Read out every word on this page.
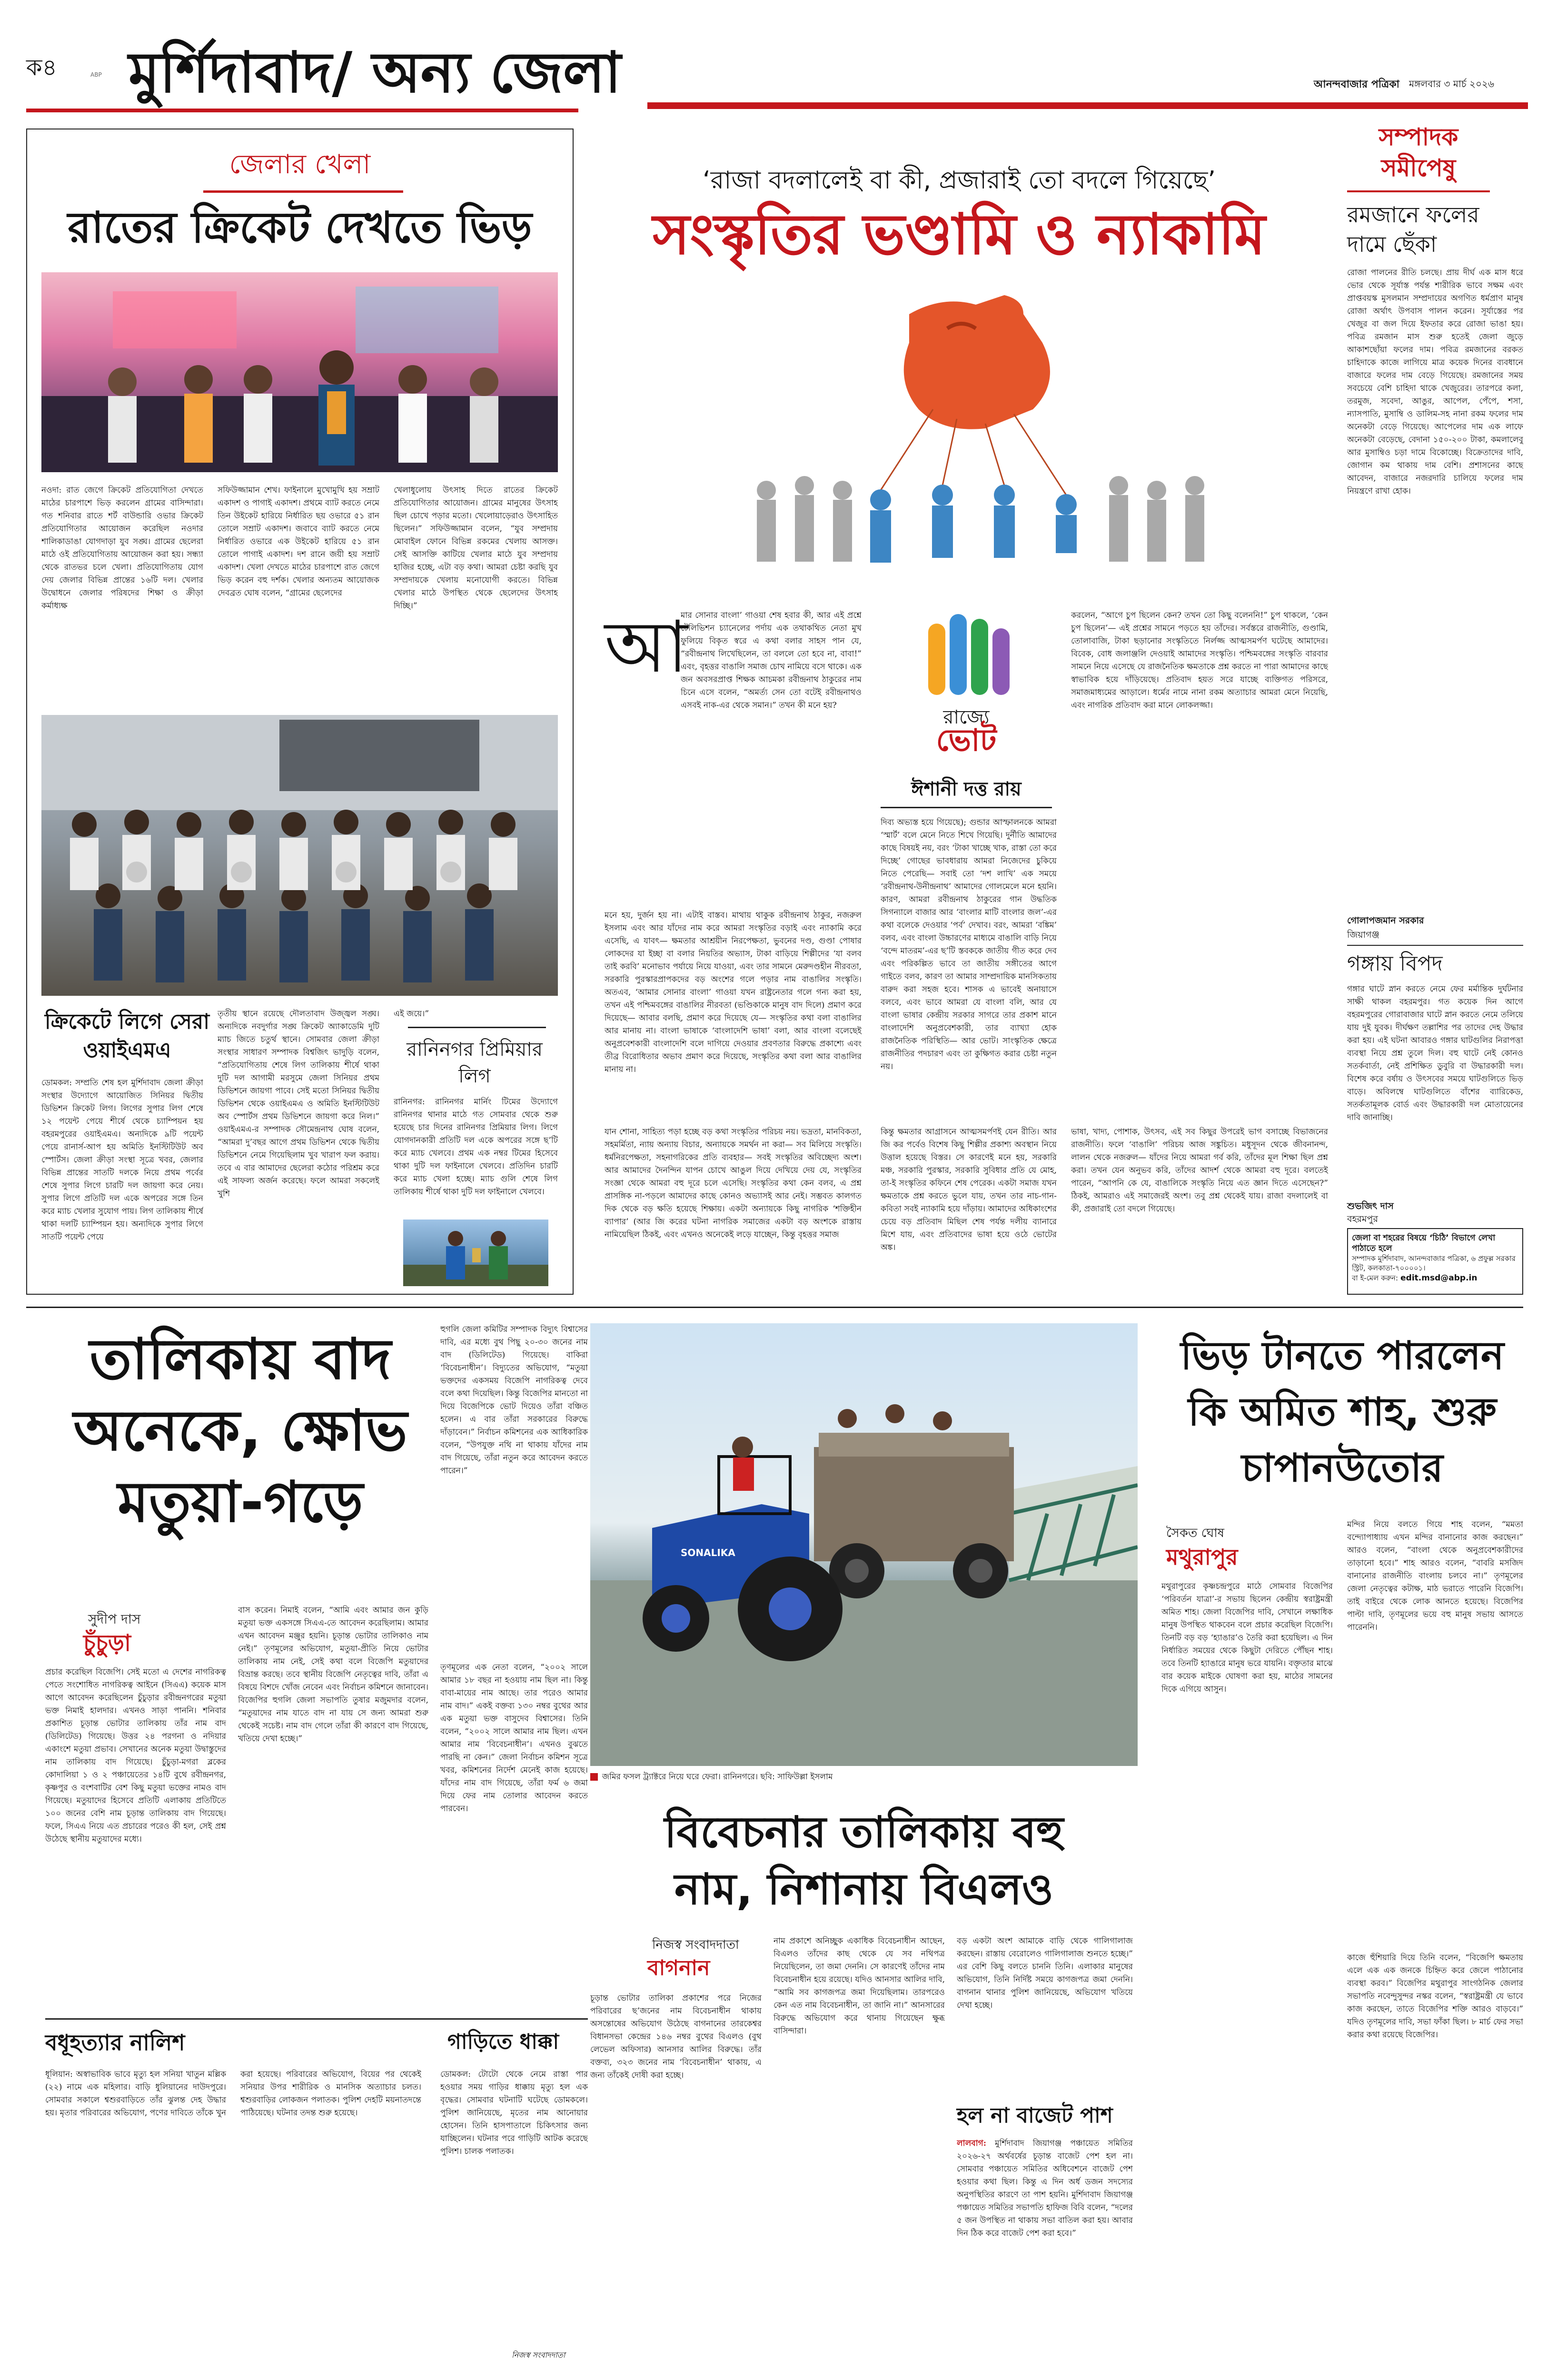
ক৪	ABP মুর্শিদাবাদ/ অন্য জেলা	আনন্দবাজার পত্রিকা মঙ্গলবার ৩ মার্চ ২০২৬
জেলার খেলা
রাতের ক্রিকেট দেখতে ভিড়
নওদা: রাত জেগে ক্রিকেট প্রতিযোগিতা দেখতে মাঠের চারপাশে ভিড় করলেন গ্রামের বাসিন্দারা। গত শনিবার রাতে শর্ট বাউন্ডারি ওভার ক্রিকেট প্রতিযোগিতার আয়োজন করেছিল নওদার শালিকাডাঙা যোগদাড়া যুব সঙ্ঘ। গ্রামের ছেলেরা মাঠে ওই প্রতিযোগিতায় আয়োজন করা হয়। সন্ধ্যা থেকে রাতভর চলে খেলা। প্রতিযোগিতায় যোগ দেয় জেলার বিভিন্ন প্রান্তের ১৬টি দল। খেলার উদ্বোধনে জেলার পরিষদের শিক্ষা ও ক্রীড়া কর্মাধ্যক্ষ
সফিউজ্জামান শেখ। ফাইনালে মুখোমুখি হয় সম্রাট একাদশ ও পাগাই একাদশ। প্রথমে ব্যাট করতে নেমে তিন উইকেট হারিয়ে নির্ধারিত ছয় ওভারে ৫১ রান তোলে সম্রাট একাদশ। জবাবে ব্যাট করতে নেমে নির্ধারিত ওভারে এক উইকেট হারিয়ে ৫১ রান তোলে পাগাই একাদশ। দশ রানে জয়ী হয় সম্রাট একাদশ। খেলা দেখতে মাঠের চারপাশে রাত জেগে ভিড় করেন বহু দর্শক। খেলার অন্যতম আয়োজক দেবব্রত ঘোষ বলেন, “গ্রামের ছেলেদের
খেলাধুলোয় উৎসাহ দিতে রাতের ক্রিকেট প্রতিযোগিতার আয়োজন। গ্রামের মানুষের উৎসাহ ছিল চোখে পড়ার মতো। খেলোয়াড়েরাও উৎসাহিত ছিলেন।” সফিউজ্জামান বলেন, “যুব সম্প্রদায় মোবাইল ফোনে বিভিন্ন রকমের খেলায় আসক্ত। সেই আসক্তি কাটিয়ে খেলার মাঠে যুব সম্প্রদায় হাজির হচ্ছে, এটা বড় কথা। আমরা চেষ্টা করছি যুব সম্প্রদায়কে খেলায় মনোযোগী করতে। বিভিন্ন খেলার মাঠে উপস্থিত থেকে ছেলেদের উৎসাহ দিচ্ছি।”
ক্রিকেটে লিগে সেরা ওয়াইএমএ
ডোমকল: সম্প্রতি শেষ হল মুর্শিদাবাদ জেলা ক্রীড়া সংস্থার উদ্যোগে আয়োজিত সিনিয়র দ্বিতীয় ডিভিশন ক্রিকেট লিগ। লিগের সুপার লিগ শেষে ১২ পয়েন্ট পেয়ে শীর্ষে থেকে চ্যাম্পিয়ন হয় বহরমপুরের ওয়াইএমএ। অন্যদিকে ৯টি পয়েন্ট পেয়ে রানার্স-আপ হয় অমিতি ইনস্টিটিউট অব স্পোর্টস। জেলা ক্রীড়া সংস্থা সূত্রে খবর, জেলার বিভিন্ন প্রান্তের সাতটি দলকে নিয়ে প্রথম পর্বের শেষে সুপার লিগে চারটি দল জায়গা করে নেয়। সুপার লিগে প্রতিটি দল একে অপরের সঙ্গে তিন করে ম্যাচ খেলার সুযোগ পায়। লিগ তালিকায় শীর্ষে থাকা দলটি চ্যাম্পিয়ন হয়। অন্যদিকে সুপার লিগে সাতটি পয়েন্ট পেয়ে
তৃতীয় স্থানে রয়েছে দৌলতাবাদ উজ্জ্বল সঙ্ঘ। অন্যদিকে নবদুর্গার সঙ্ঘ ক্রিকেট অ্যাকাডেমি দুটি ম্যাচ জিতে চতুর্থ স্থানে। সোমবার জেলা ক্রীড়া সংস্থার সাধারণ সম্পাদক বিশ্বজিৎ ভাদুড়ি বলেন, “প্রতিযোগিতায় শেষে লিগ তালিকায় শীর্ষে থাকা দুটি দল আগামী মরসুমে জেলা সিনিয়র প্রথম ডিভিশনে জায়গা পাবে। সেই মতো সিনিয়র দ্বিতীয় ডিভিশন থেকে ওয়াইএমএ ও অমিতি ইনস্টিটিউট অব স্পোর্টস প্রথম ডিভিশনে জায়গা করে নিল।” ওয়াইএমএ-র সম্পাদক সৌমেন্দ্রনাথ ঘোষ বলেন, “আমরা দু’বছর আগে প্রথম ডিভিশন থেকে দ্বিতীয় ডিভিশনে নেমে গিয়েছিলাম খুব খারাপ ফল করায়। তবে এ বার আমাদের ছেলেরা কঠোর পরিশ্রম করে এই সাফল্য অর্জন করেছে। ফলে আমরা সকলেই খুশি
এই জয়ে।”
রানিনগর প্রিমিয়ার লিগ
রানিনগর: রানিনগর মার্নিং টিমের উদ্যোগে রানিনগর থানার মাঠে গত সোমবার থেকে শুরু হয়েছে চার দিনের রানিনগর প্রিমিয়ার লিগ। লিগে যোগদানকারী প্রতিটি দল একে অপরের সঙ্গে ছ’টি করে ম্যাচ খেলবে। প্রথম এক নম্বর টিমের হিসেবে থাকা দুটি দল ফাইনালে খেলবে। প্রতিদিন চারটি করে ম্যাচ খেলা হচ্ছে। ম্যাচ গুলি শেষে লিগ তালিকায় শীর্ষে থাকা দুটি দল ফাইনালে খেলবে।
‘রাজা বদলালেই বা কী, প্রজারাই তো বদলে গিয়েছে’
সংস্কৃতির ভণ্ডামি ও ন্যাকামি
আ
মার সোনার বাংলা’ গাওয়া শেষ হবার কী, আর এই প্রশ্নে টেলিভিশন চ্যানেলের পর্দায় এক তথাকথিত নেতা মুখ ফুলিয়ে বিকৃত স্বরে এ কথা বলার সাহস পান যে, “রবীন্দ্রনাথ লিখেছিলেন, তা বললে তো হবে না, বাবা!” এবং, বৃহত্তর বাঙালি সমাজ চোখ নামিয়ে বসে থাকে। এক জন অবসরপ্রাপ্ত শিক্ষক আচমকা রবীন্দ্রনাথ ঠাকুরের নাম চিনে এসে বলেন, “অমর্ত্য সেন তো বটেই রবীন্দ্রনাথও এসবই নাক-এর থেকে সমান।” তখন কী মনে হয়?
রাজ্যে
ভোট
ঈশানী দত্ত রায়
মনে হয়, দুর্জন হয় না। এটাই বাস্তব। মাথায় থাকুক রবীন্দ্রনাথ ঠাকুর, নজরুল ইসলাম এবং আর যাঁদের নাম করে আমরা সংস্কৃতির বড়াই এবং ন্যাকামি করে এসেছি, এ যাবৎ— ক্ষমতার আশ্রয়ীন নিরপেক্ষতা, ভুবনের দণ্ড, গুণ্ডা পোষার লোকদের যা ইচ্ছা বা বলার নিয়তির অভ্যাস, টাকা বাড়িয়ে শিল্পীদের ‘যা বলব তাই করবি’ মনোভাব পর্যায়ে নিয়ে যাওয়া, এবং তার সামনে মেরুদণ্ডহীন নীরবতা, সরকারি পুরস্কারপ্রাপকদের বড় অংশের গলে পড়ার নাম বাঙালির সংস্কৃতি। অতএব, ‘আমার সোনার বাংলা’ গাওয়া যখন রাষ্ট্রনেতার গলে গন্য করা হয়, তখন এই পশ্চিমবঙ্গের বাঙালির নীরবতা (ভণ্ডিকাকে মানুষ বাদ দিলে) প্রমাণ করে দিয়েছে— আবার বলছি, প্রমাণ করে দিয়েছে যে— সংস্কৃতির কথা বলা বাঙালির আর মানায় না। বাংলা ভাষাকে ‘বাংলাদেশি ভাষা’ বলা, আর বাংলা বলেছেই অনুপ্রবেশকারী বাংলাদেশি বলে দাগিয়ে দেওয়ার প্রবণতার বিরুদ্ধে প্রকাশ্যে এবং তীব্র বিরোধিতার অভাব প্রমাণ করে দিয়েছে, সংস্কৃতির কথা বলা আর বাঙালির মানায় না।
যান শোনা, সাহিত্য পড়া হচ্ছে বড় কথা সংস্কৃতির পরিচয় নয়। ভদ্রতা, মানবিকতা, সহমর্মিতা, ন্যায় অন্যায় বিচার, অন্যায়কে সমর্থন না করা— সব মিলিয়ে সংস্কৃতি। ধর্মনিরপেক্ষতা, সহনাগরিকের প্রতি ব্যবহার— সবই সংস্কৃতির অবিচ্ছেদ্য অংশ। আর আমাদের দৈনন্দিন যাপন চোখে আঙুল দিয়ে দেখিয়ে দেয় যে, সংস্কৃতির সংজ্ঞা থেকে আমরা বহু দূরে চলে এসেছি। সংস্কৃতির কথা কেন বলব, এ প্রশ্ন প্রাসঙ্গিক না-পড়লে আমাদের কাছে কোনও অভ্যাসই আর নেই। সম্ভবত কালগত দিক থেকে বড় ক্ষতি হয়েছে শিক্ষায়। একটা অন্যায়কে কিছু নাগরিক ‘শক্তিহীন ব্যাপার’ (আর জি করের ঘটনা নাগরিক সমাজের একটা বড় অংশকে রাস্তায় নামিয়েছিল ঠিকই, এবং এখনও অনেকেই লড়ে যাচ্ছেন, কিন্তু বৃহত্তর সমাজ
দিব্য অভ্যস্ত হয়ে গিয়েছে); গুন্ডার আস্ফালনকে আমরা ‘স্মার্ট’ বলে মেনে নিতে শিখে গিয়েছি। দুর্নীতি আমাদের কাছে বিষয়ই নয়, বরং ‘টাকা খাচ্ছে খাক, রাস্তা তো করে দিচ্ছে’ গোছের ভাবধারায় আমরা নিজেদের চুকিয়ে নিতে পেরেছি— সবাই তো ‘দশ লাখি’ এক সময়ে ‘রবীন্দ্রনাথ-উনীন্দ্রনাথ’ আমাদের গোলমেলে মনে হয়নি। কারণ, আমরা রবীন্দ্রনাথ ঠাকুরের গান উদ্ধতিক সিগন্যালে বাজার আর ‘বাংলার মাটি বাংলার জল’-এর কথা বলেকে দেওয়ার ‘পর্ব’ দেখাব। বরং, আমরা ‘বঙ্কিম’ বলব, এবং বাংলা উচ্চারণের মাধ্যমে বাঙালি বাড়ি নিয়ে ‘বন্দে মাতরম’-এর ছ’টি স্তবককে জাতীয় গীত করে দেব এবং পরিকল্পিত ভাবে তা জাতীয় সঙ্গীতের আগে গাইতে বলব, কারণ তা আমার সাম্প্রদায়িক মানসিকতায় বারুদ করা সহজ হবে। শাসক এ ভাবেই অনায়াসে বলবে, এবং ভাবে আমরা যে বাংলা বলি, আর যে বাংলা ভাষার কেন্দ্রীয় সরকার সাগরে তার প্রকাশ মানে বাংলাদেশি অনুপ্রবেশকারী, তার ব্যাখ্যা হোক রাজনৈতিক পরিস্থিতি— আর ভোট। সাংস্কৃতিক ক্ষেত্রে রাজনীতির পদচারণ এবং তা কুক্ষিগত করার চেষ্টা নতুন নয়।
কিন্তু ক্ষমতার আগ্রাসনে আত্মসমর্পণই যেন রীতি। আর জি কর পর্বেও বিশেষ কিছু শিল্পীর প্রকাশ্য অবস্থান নিয়ে উত্তাল হয়েছে বিস্তর। সে কারণেই মনে হয়, সরকারি মঞ্চ, সরকারি পুরস্কার, সরকারি সুবিধার প্রতি যে মোহ, তা-ই সংস্কৃতির কফিনে শেষ পেরেক। একটা সমাজ যখন ক্ষমতাকে প্রশ্ন করতে ভুলে যায়, তখন তার নাচ-গান-কবিতা সবই ন্যাকামি হয়ে দাঁড়ায়। আমাদের অধিকাংশের চেয়ে বড় প্রতিবাদ মিছিল শেষ পর্যন্ত দলীয় ব্যানারে মিশে যায়, এবং প্রতিবাদের ভাষা হয়ে ওঠে ভোটের অঙ্ক।
করলেন, “আগে চুপ ছিলেন কেন? তখন তো কিছু বলেননি!” চুপ থাকলে, ‘কেন চুপ ছিলেন’— এই প্রশ্নের সামনে পড়তে হয় তাঁদের। সর্বস্তরে রাজনীতি, গুণ্ডামি, তোলাবাজি, টাকা ছড়ানোর সংস্কৃতিতে নির্লজ্জ আত্মসমর্পণ ঘটেছে আমাদের। বিবেক, বোধ জলাঞ্জলি দেওয়াই আমাদের সংস্কৃতি। পশ্চিমবঙ্গের সংস্কৃতি বারবার সামনে নিয়ে এসেছে যে রাজনৈতিক ক্ষমতাকে প্রশ্ন করতে না পারা আমাদের কাছে স্বাভাবিক হয়ে দাঁড়িয়েছে। প্রতিবাদ হয়ত সরে যাচ্ছে ব্যক্তিগত পরিসরে, সমাজমাধ্যমের আড়ালে। ধর্মের নামে নানা রকম অত্যাচার আমরা মেনে নিয়েছি, এবং নাগরিক প্রতিবাদ করা মানে লোকলজ্জা।
ভাষা, খাদ্য, পোশাক, উৎসব, এই সব কিছুর উপরেই ভাগ বসাচ্ছে বিভাজনের রাজনীতি। ফলে ‘বাঙালি’ পরিচয় আজ সঙ্কুচিত। মধুসূদন থেকে জীবনানন্দ, লালন থেকে নজরুল— যাঁদের নিয়ে আমরা গর্ব করি, তাঁদের মূল শিক্ষা ছিল প্রশ্ন করা। তখন যেন অনুভব করি, তাঁদের আদর্শ থেকে আমরা বহু দূরে। বলতেই পারেন, “আপনি কে যে, বাঙালিকে সংস্কৃতি নিয়ে এত জ্ঞান দিতে এসেছেন?” ঠিকই, আমরাও এই সমাজেরই অংশ। তবু প্রশ্ন থেকেই যায়। রাজা বদলালেই বা কী, প্রজারাই তো বদলে গিয়েছে।
সম্পাদক
সমীপেষু
রমজানে ফলের দামে ছেঁকা
রোজা পালনের রীতি চলছে। প্রায় দীর্ঘ এক মাস ধরে ভোর থেকে সূর্যাস্ত পর্যন্ত শারীরিক ভাবে সক্ষম এবং প্রাপ্তবয়স্ক মুসলমান সম্প্রদায়ের অগণিত ধর্মপ্রাণ মানুষ রোজা অর্থাৎ উপবাস পালন করেন। সূর্যাস্তের পর খেজুর বা জল দিয়ে ইফতার করে রোজা ভাঙা হয়। পবিত্র রমজান মাস শুরু হতেই জেলা জুড়ে আকাশছোঁয়া ফলের দাম। পবিত্র রমজানের বরকত চাহিদাকে কাজে লাগিয়ে মাত্র কয়েক দিনের ব্যবধানে বাজারে ফলের দাম বেড়ে গিয়েছে। রমজানের সময় সবচেয়ে বেশি চাহিদা থাকে খেজুরের। তারপরে কলা, তরমুজ, সবেদা, আঙুর, আপেল, পেঁপে, শসা, ন্যাসপাতি, মুসাম্বি ও ডালিম-সহ নানা রকম ফলের দাম অনেকটা বেড়ে গিয়েছে। আপেলের দাম এক লাফে অনেকটা বেড়েছে, বেদানা ১৫০-২০০ টাকা, কমলালেবু আর মুসাম্বিও চড়া দামে বিকোচ্ছে। বিক্রেতাদের দাবি, জোগান কম থাকায় দাম বেশি। প্রশাসনের কাছে আবেদন, বাজারে নজরদারি চালিয়ে ফলের দাম নিয়ন্ত্রণে রাখা হোক।
গোলাপজমান সরকার
জিয়াগঞ্জ
গঙ্গায় বিপদ
গঙ্গার ঘাটে স্নান করতে নেমে ফের মর্মান্তিক দুর্ঘটনার সাক্ষী থাকল বহরমপুর। গত কয়েক দিন আগে বহরমপুরের গোরাবাজার ঘাটে স্নান করতে নেমে তলিয়ে যায় দুই যুবক। দীর্ঘক্ষণ তল্লাশির পর তাদের দেহ উদ্ধার করা হয়। এই ঘটনা আবারও গঙ্গার ঘাটগুলির নিরাপত্তা ব্যবস্থা নিয়ে প্রশ্ন তুলে দিল। বহু ঘাটে নেই কোনও সতর্কবার্তা, নেই প্রশিক্ষিত ডুবুরি বা উদ্ধারকারী দল। বিশেষ করে বর্ষায় ও উৎসবের সময়ে ঘাটগুলিতে ভিড় বাড়ে। অবিলম্বে ঘাটগুলিতে বাঁশের ব্যারিকেড, সতর্কতামূলক বোর্ড এবং উদ্ধারকারী দল মোতায়েনের দাবি জানাচ্ছি।
শুভজিৎ দাস
বহরমপুর
জেলা বা শহরের বিষয়ে ‘চিঠি’ বিভাগে লেখা পাঠাতে হলে
সম্পাদক মুর্শিদাবাদ, আনন্দবাজার পত্রিকা, ৬ প্রফুল্ল সরকার স্ট্রিট, কলকাতা-৭০০০০১।
বা ই-মেল করুন: edit.msd@abp.in
তালিকায় বাদ অনেকে, ক্ষোভ মতুয়া-গড়ে
সুদীপ দাস
চুঁচুড়া
প্রচার করেছিল বিজেপি। সেই মতো এ দেশের নাগরিকত্ব পেতে সংশোধিত নাগরিকত্ব আইনে (সিএএ) কয়েক মাস আগে আবেদন করেছিলেন চুঁচুড়ার রবীন্দ্রনগরের মতুয়া ভক্ত নিমাই হালদার। এখনও সাড়া পাননি। শনিবার প্রকাশিত চূড়ান্ত ভোটার তালিকায় তাঁর নাম বাদ (ডিলিটেড) গিয়েছে। উত্তর ২৪ পরগনা ও নদিয়ার একাংশে মতুয়া প্রভাব। সেখানের অনেক মতুয়া উদ্বাস্তুদের নাম তালিকায় বাদ গিয়েছে। চুঁচুড়া-মগরা ব্লকের কোদালিয়া ১ ও ২ পঞ্চায়েতের ১৪টি বুথে রবীন্দ্রনগর, কৃষ্ণপুর ও বংশবাটির বেশ কিছু মতুয়া ভক্তের নামও বাদ গিয়েছে। মতুয়াদের হিসেবে প্রতিটি এলাকায় প্রতিটিতে ১০০ জনের বেশি নাম চূড়ান্ত তালিকায় বাদ গিয়েছে। ফলে, সিএএ নিয়ে এত প্রচারের পরেও কী হল, সেই প্রশ্ন উঠেছে স্থানীয় মতুয়াদের মধ্যে।
বাস করেন। নিমাই বলেন, “আমি এবং আমার জন কুড়ি মতুয়া ভক্ত একসঙ্গে সিএএ-তে আবেদন করেছিলাম। আমার এখন আবেদন মঞ্জুর হয়নি। চূড়ান্ত ভোটার তালিকাও নাম নেই।” তৃণমূলের অভিযোগ, মতুয়া-প্রীতি নিয়ে ভোটার তালিকায় নাম নেই, সেই কথা বলে বিজেপি মতুয়াদের বিভ্রান্ত করছে। তবে স্থানীয় বিজেপি নেতৃত্বের দাবি, তাঁরা এ বিষয়ে বিশদে খোঁজ নেবেন এবং নির্বাচন কমিশনে জানাবেন। বিজেপির হুগলি জেলা সভাপতি তুষার মজুমদার বলেন, “মতুয়াদের নাম যাতে বাদ না যায় সে জন্য আমরা শুরু থেকেই সচেষ্ট। নাম বাদ গেলে তাঁরা কী কারণে বাদ গিয়েছে, খতিয়ে দেখা হচ্ছে।”
হুগলি জেলা কমিটির সম্পাদক বিদ্যুৎ বিশ্বাসের দাবি, এর মধ্যে বুথ পিছু ২০-৩০ জনের নাম বাদ (ডিলিটেড) গিয়েছে। বাকিরা ‘বিবেচনাধীন’। বিদ্যুতের অভিযোগ, “মতুয়া ভক্তদের একসময় বিজেপি নাগরিকত্ব দেবে বলে কথা দিয়েছিল। কিন্তু বিজেপির মানতো না দিয়ে বিজেপিকে ভোট দিয়েও তাঁরা বঞ্চিত হলেন। এ বার তাঁরা সরকারের বিরুদ্ধে দাঁড়াবেন।” নির্বাচন কমিশনের এক আধিকারিক বলেন, “উপযুক্ত নথি না থাকায় যাঁদের নাম বাদ গিয়েছে, তাঁরা নতুন করে আবেদন করতে পারেন।”
তৃণমূলের এক নেতা বলেন, “২০০২ সালে আমার ১৮ বছর না হওয়ায় নাম ছিল না। কিন্তু বাবা-মায়ের নাম আছে। তার পরেও আমার নাম বাদ।” একই বক্তব্য ১৩০ নম্বর বুথের আর এক মতুয়া ভক্ত বাসুদেব বিশ্বাসের। তিনি বলেন, “২০০২ সালে আমার নাম ছিল। এখন আমার নাম ‘বিবেচনাধীন’। এখনও বুঝতে পারছি না কেন।” জেলা নির্বাচন কমিশন সূত্রে খবর, কমিশনের নির্দেশ মেনেই কাজ হয়েছে। যাঁদের নাম বাদ গিয়েছে, তাঁরা ফর্ম ৬ জমা দিয়ে ফের নাম তোলার আবেদন করতে পারবেন।
বধূহত্যার নালিশ
ধূলিয়ান: অস্বাভাবিক ভাবে মৃত্যু হল সনিয়া খাতুন মল্লিক (২২) নামে এক মহিলার। বাড়ি ধুলিয়ানের দাউদপুরে। সোমবার সকালে শ্বশুরবাড়িতে তাঁর ঝুলন্ত দেহ উদ্ধার হয়। মৃতার পরিবারের অভিযোগ, পণের দাবিতে তাঁকে খুন করা হয়েছে। পরিবারের অভিযোগ, বিয়ের পর থেকেই সনিয়ার উপর শারীরিক ও মানসিক অত্যাচার চলত। শ্বশুরবাড়ির লোকজন পলাতক। পুলিশ দেহটি ময়নাতদন্তে পাঠিয়েছে। ঘটনার তদন্ত শুরু হয়েছে।
গাড়িতে ধাক্কা
ডোমকল: টোটো থেকে নেমে রাস্তা পার হওয়ার সময় গাড়ির ধাক্কায় মৃত্যু হল এক বৃদ্ধের। সোমবার ঘটনাটি ঘটেছে ডোমকলে। পুলিশ জানিয়েছে, মৃতের নাম আনোয়ার হোসেন। তিনি হাসপাতালে চিকিৎসার জন্য যাচ্ছিলেন। ঘটনার পরে গাড়িটি আটক করেছে পুলিশ। চালক পলাতক।
নিজস্ব সংবাদদাতা
SONALIKA
জমির ফসল ট্র্যাক্টরে নিয়ে ঘরে ফেরা। রানিনগরে। ছবি: সাফিউল্লা ইসলাম
বিবেচনার তালিকায় বহু নাম, নিশানায় বিএলও
নিজস্ব সংবাদদাতা
বাগনান
চূড়ান্ত ভোটার তালিকা প্রকাশের পরে নিজের পরিবারের ছ’জনের নাম বিবেচনাধীন থাকায় অসন্তোষের অভিযোগ উঠেছে বাগনানের তারকেশ্বর বিধানসভা কেন্দ্রের ১৪৬ নম্বর বুথের বিএলও (বুথ লেভেল অফিসার) আনসার আলির বিরুদ্ধে। তাঁর বক্তব্য, ৩২৩ জনের নাম ‘বিবেচনাধীন’ থাকায়, এ জন্য তাঁকেই দোষী করা হচ্ছে।
নাম প্রকাশে অনিচ্ছুক একাধিক বিবেচনাধীন আছেন, বিএলও তাঁদের কাছ থেকে যে সব নথিপত্র নিয়েছিলেন, তা জমা দেননি। সে কারণেই তাঁদের নাম বিবেচনাধীন হয়ে রয়েছে। যদিও আনসার আলির দাবি, “আমি সব কাগজপত্র জমা দিয়েছিলাম। তারপরেও কেন এত নাম বিবেচনাধীন, তা জানি না।” আনসারের বিরুদ্ধে অভিযোগ করে থানায় গিয়েছেন ক্ষুব্ধ বাসিন্দারা।
বড় একটা অংশ আমাকে বাড়ি থেকে গালিগালাজ করছেন। রাস্তায় বেরোলেও গালিগালাজ শুনতে হচ্ছে।” এর বেশি কিছু বলতে চাননি তিনি। এলাকার মানুষের অভিযোগ, তিনি নির্দিষ্ট সময়ে কাগজপত্র জমা দেননি। বাগনান থানার পুলিশ জানিয়েছে, অভিযোগ খতিয়ে দেখা হচ্ছে।
হল না বাজেট পাশ
লালবাগ: মুর্শিদাবাদ জিয়াগঞ্জ পঞ্চায়েত সমিতির ২০২৬-২৭ অর্থবর্ষের চূড়ান্ত বাজেট পেশ হল না। সোমবার পঞ্চায়েত সমিতির অধিবেশনে বাজেট পেশ হওয়ার কথা ছিল। কিন্তু এ দিন অর্ধ ডজন সদস্যের অনুপস্থিতির কারণে তা পাশ হয়নি। মুর্শিদাবাদ জিয়াগঞ্জ পঞ্চায়েত সমিতির সভাপতি হাফিজ বিবি বলেন, “দলের ৫ জন উপস্থিত না থাকায় সভা বাতিল করা হয়। আবার দিন ঠিক করে বাজেট পেশ করা হবে।”
ভিড় টানতে পারলেন কি অমিত শাহ, শুরু চাপানউতোর
সৈকত ঘোষ
মথুরাপুর
মথুরাপুরের কৃষ্ণচন্দ্রপুরে মাঠে সোমবার বিজেপির ‘পরিবর্তন যাত্রা’-র সভায় ছিলেন কেন্দ্রীয় স্বরাষ্ট্রমন্ত্রী অমিত শাহ। জেলা বিজেপির দাবি, সেখানে লক্ষাধিক মানুষ উপস্থিত থাকবেন বলে প্রচার করেছিল বিজেপি। তিনটি বড় বড় ‘হ্যাঙার’ও তৈরি করা হয়েছিল। এ দিন নির্ধারিত সময়ের থেকে কিছুটা দেরিতে পৌঁছন শাহ। তবে তিনটি হ্যাঙারে মানুষ ভরে যায়নি। বক্তৃতার মাঝে বার কয়েক মাইকে ঘোষণা করা হয়, মাঠের সামনের দিকে এগিয়ে আসুন।
মন্দির নিয়ে বলতে গিয়ে শাহ বলেন, “মমতা বন্দ্যোপাধ্যায় এখন মন্দির বানানোর কাজ করছেন।” আরও বলেন, “বাংলা থেকে অনুপ্রবেশকারীদের তাড়ানো হবে।” শাহ আরও বলেন, “বাবরি মসজিদ বানানোর রাজনীতি বাংলায় চলবে না।” তৃণমূলের জেলা নেতৃত্বের কটাক্ষ, মাঠ ভরাতে পারেনি বিজেপি। তাই বাইরে থেকে লোক আনতে হয়েছে। বিজেপির পাল্টা দাবি, তৃণমূলের ভয়ে বহু মানুষ সভায় আসতে পারেননি।
কাজে হুঁশিয়ারি দিয়ে তিনি বলেন, “বিজেপি ক্ষমতায় এলে এক এক জনকে চিহ্নিত করে জেলে পাঠানোর ব্যবস্থা করব।” বিজেপির মথুরাপুর সাংগঠনিক জেলার সভাপতি নবেন্দুসুন্দর নস্কর বলেন, “স্বরাষ্ট্রমন্ত্রী যে ভাবে কাজ করছেন, তাতে বিজেপির শক্তি আরও বাড়বে।” যদিও তৃণমূলের দাবি, সভা ফাঁকা ছিল। ৮ মার্চ ফের সভা করার কথা রয়েছে বিজেপির।
